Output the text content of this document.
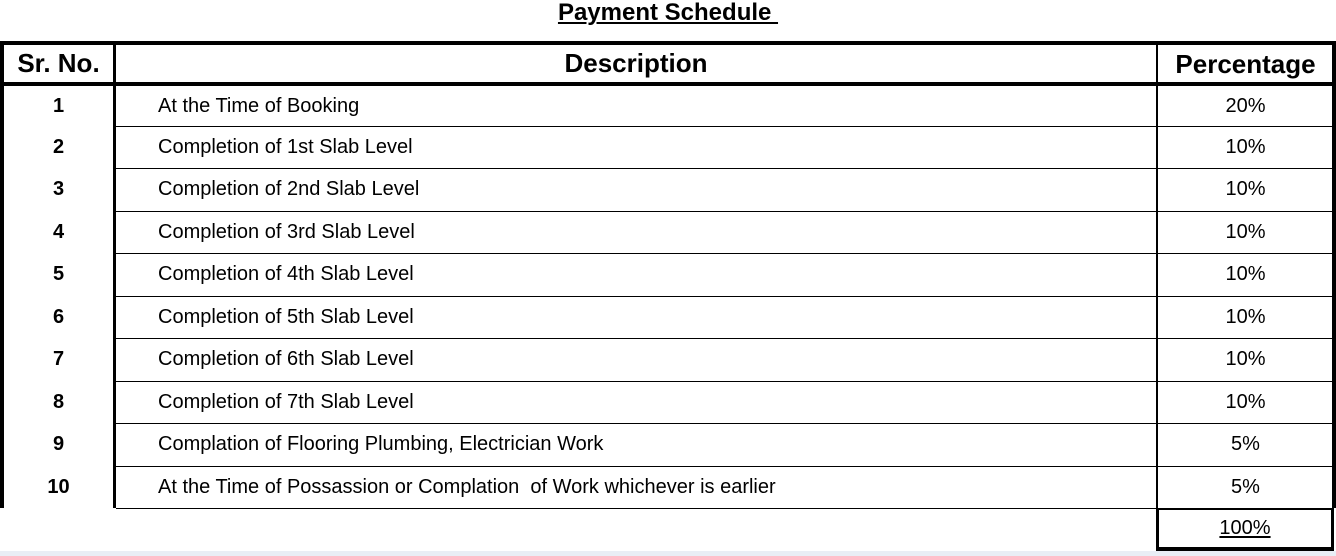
Payment Schedule
Sr. No.	Description	Percentage
1	At the Time of Booking	20%
2	Completion of 1st Slab Level	10%
3	Completion of 2nd Slab Level	10%
4	Completion of 3rd Slab Level	10%
5	Completion of 4th Slab Level	10%
6	Completion of 5th Slab Level	10%
7	Completion of 6th Slab Level	10%
8	Completion of 7th Slab Level	10%
9	Complation of Flooring Plumbing, Electrician Work	5%
10	At the Time of Possassion or Complation  of Work whichever is earlier	5%
100%
